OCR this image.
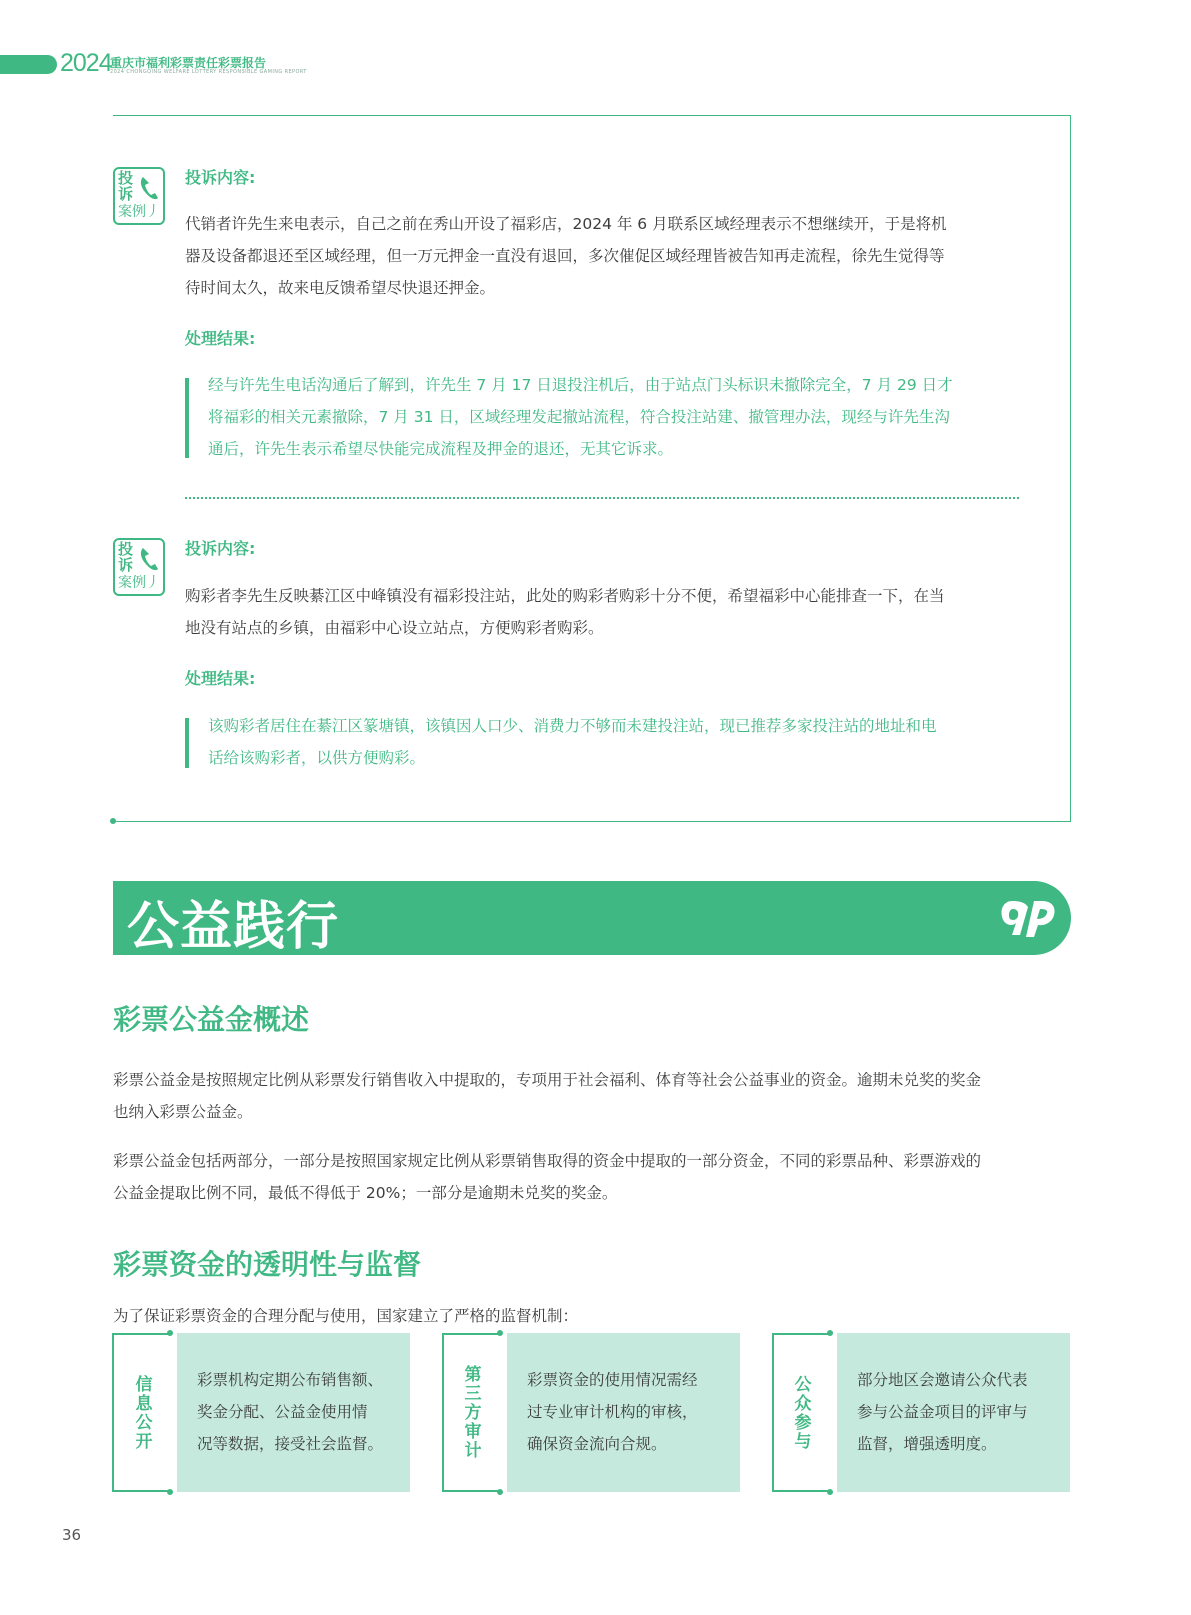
2024
重庆市福利彩票责任彩票报告
2024 CHONGQING WELFARE LOTTERY RESPONSIBLE GAMING REPORT
投
诉
案例丿
投诉内容:
代销者许先生来电表示，自己之前在秀山开设了福彩店，2024 年 6 月联系区域经理表示不想继续开，于是将机
器及设备都退还至区域经理，但一万元押金一直没有退回，多次催促区域经理皆被告知再走流程，徐先生觉得等
待时间太久，故来电反馈希望尽快退还押金。
处理结果:
经与许先生电话沟通后了解到，许先生 7 月 17 日退投注机后，由于站点门头标识未撤除完全，7 月 29 日才
将福彩的相关元素撤除，7 月 31 日，区域经理发起撤站流程，符合投注站建、撤管理办法，现经与许先生沟
通后，许先生表示希望尽快能完成流程及押金的退还，无其它诉求。
投
诉
案例丿
投诉内容:
购彩者李先生反映綦江区中峰镇没有福彩投注站，此处的购彩者购彩十分不便，希望福彩中心能排查一下，在当
地没有站点的乡镇，由福彩中心设立站点，方便购彩者购彩。
处理结果:
该购彩者居住在綦江区篆塘镇，该镇因人口少、消费力不够而未建投注站，现已推荐多家投注站的地址和电
话给该购彩者，以供方便购彩。
公益践行
彩票公益金概述
彩票公益金是按照规定比例从彩票发行销售收入中提取的，专项用于社会福利、体育等社会公益事业的资金。逾期未兑奖的奖金
也纳入彩票公益金。
彩票公益金包括两部分，一部分是按照国家规定比例从彩票销售取得的资金中提取的一部分资金，不同的彩票品种、彩票游戏的
公益金提取比例不同，最低不得低于 20%；一部分是逾期未兑奖的奖金。
彩票资金的透明性与监督
为了保证彩票资金的合理分配与使用，国家建立了严格的监督机制：
信息公开
彩票机构定期公布销售额、
奖金分配、公益金使用情
况等数据，接受社会监督。
第三方审计
彩票资金的使用情况需经
过专业审计机构的审核，
确保资金流向合规。
公众参与
部分地区会邀请公众代表
参与公益金项目的评审与
监督，增强透明度。
36
